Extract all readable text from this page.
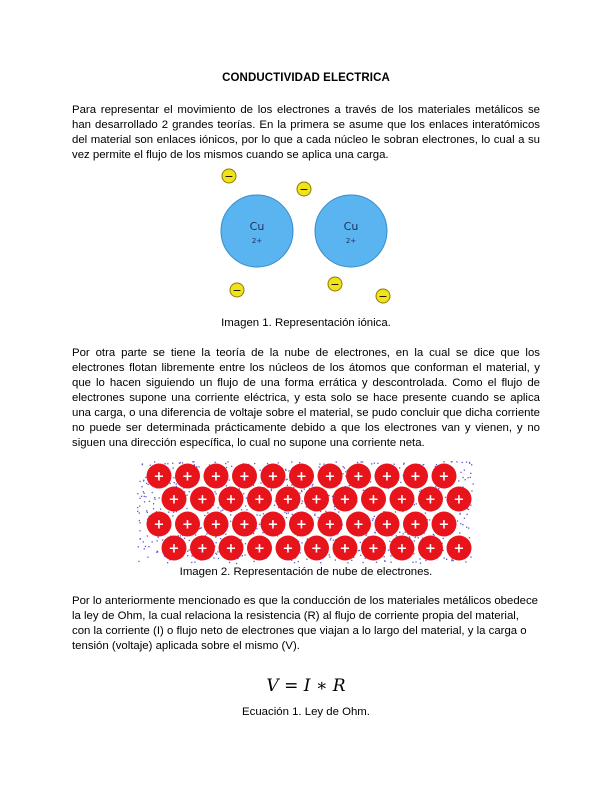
CONDUCTIVIDAD ELECTRICA

Para representar el movimiento de los electrones a través de los materiales metálicos se han desarrollado 2 grandes teorías. En la primera se asume que los enlaces interatómicos del material son enlaces iónicos, por lo que a cada núcleo le sobran electrones, lo cual a su vez permite el flujo de los mismos cuando se aplica una carga.

−
−
−	−
−
Cu
2+
Cu
2+
Imagen 1. Representación iónica.

Por otra parte se tiene la teoría de la nube de electrones, en la cual se dice que los electrones flotan libremente entre los núcleos de los átomos que conforman el material, y que lo hacen siguiendo un flujo de una forma errática y descontrolada. Como el flujo de electrones supone una corriente eléctrica, y esta solo se hace presente cuando se aplica una carga, o una diferencia de voltaje sobre el material, se pudo concluir que dicha corriente no puede ser determinada prácticamente debido a que los electrones van y vienen, y no siguen una dirección específica, lo cual no supone una corriente neta.

+ + + + + + + + + + +
+ + + + + + + + + + +
+ + + + + + + + + + +
+ + + + + + + + + + +
Imagen 2. Representación de nube de electrones.

Por lo anteriormente mencionado es que la conducción de los materiales metálicos obedece la ley de Ohm, la cual relaciona la resistencia (R) al flujo de corriente propia del material, con la corriente (I) o flujo neto de electrones que viajan a lo largo del material, y la carga o tensión (voltaje) aplicada sobre el mismo (V).

V = I ∗ R
Ecuación 1. Ley de Ohm.
